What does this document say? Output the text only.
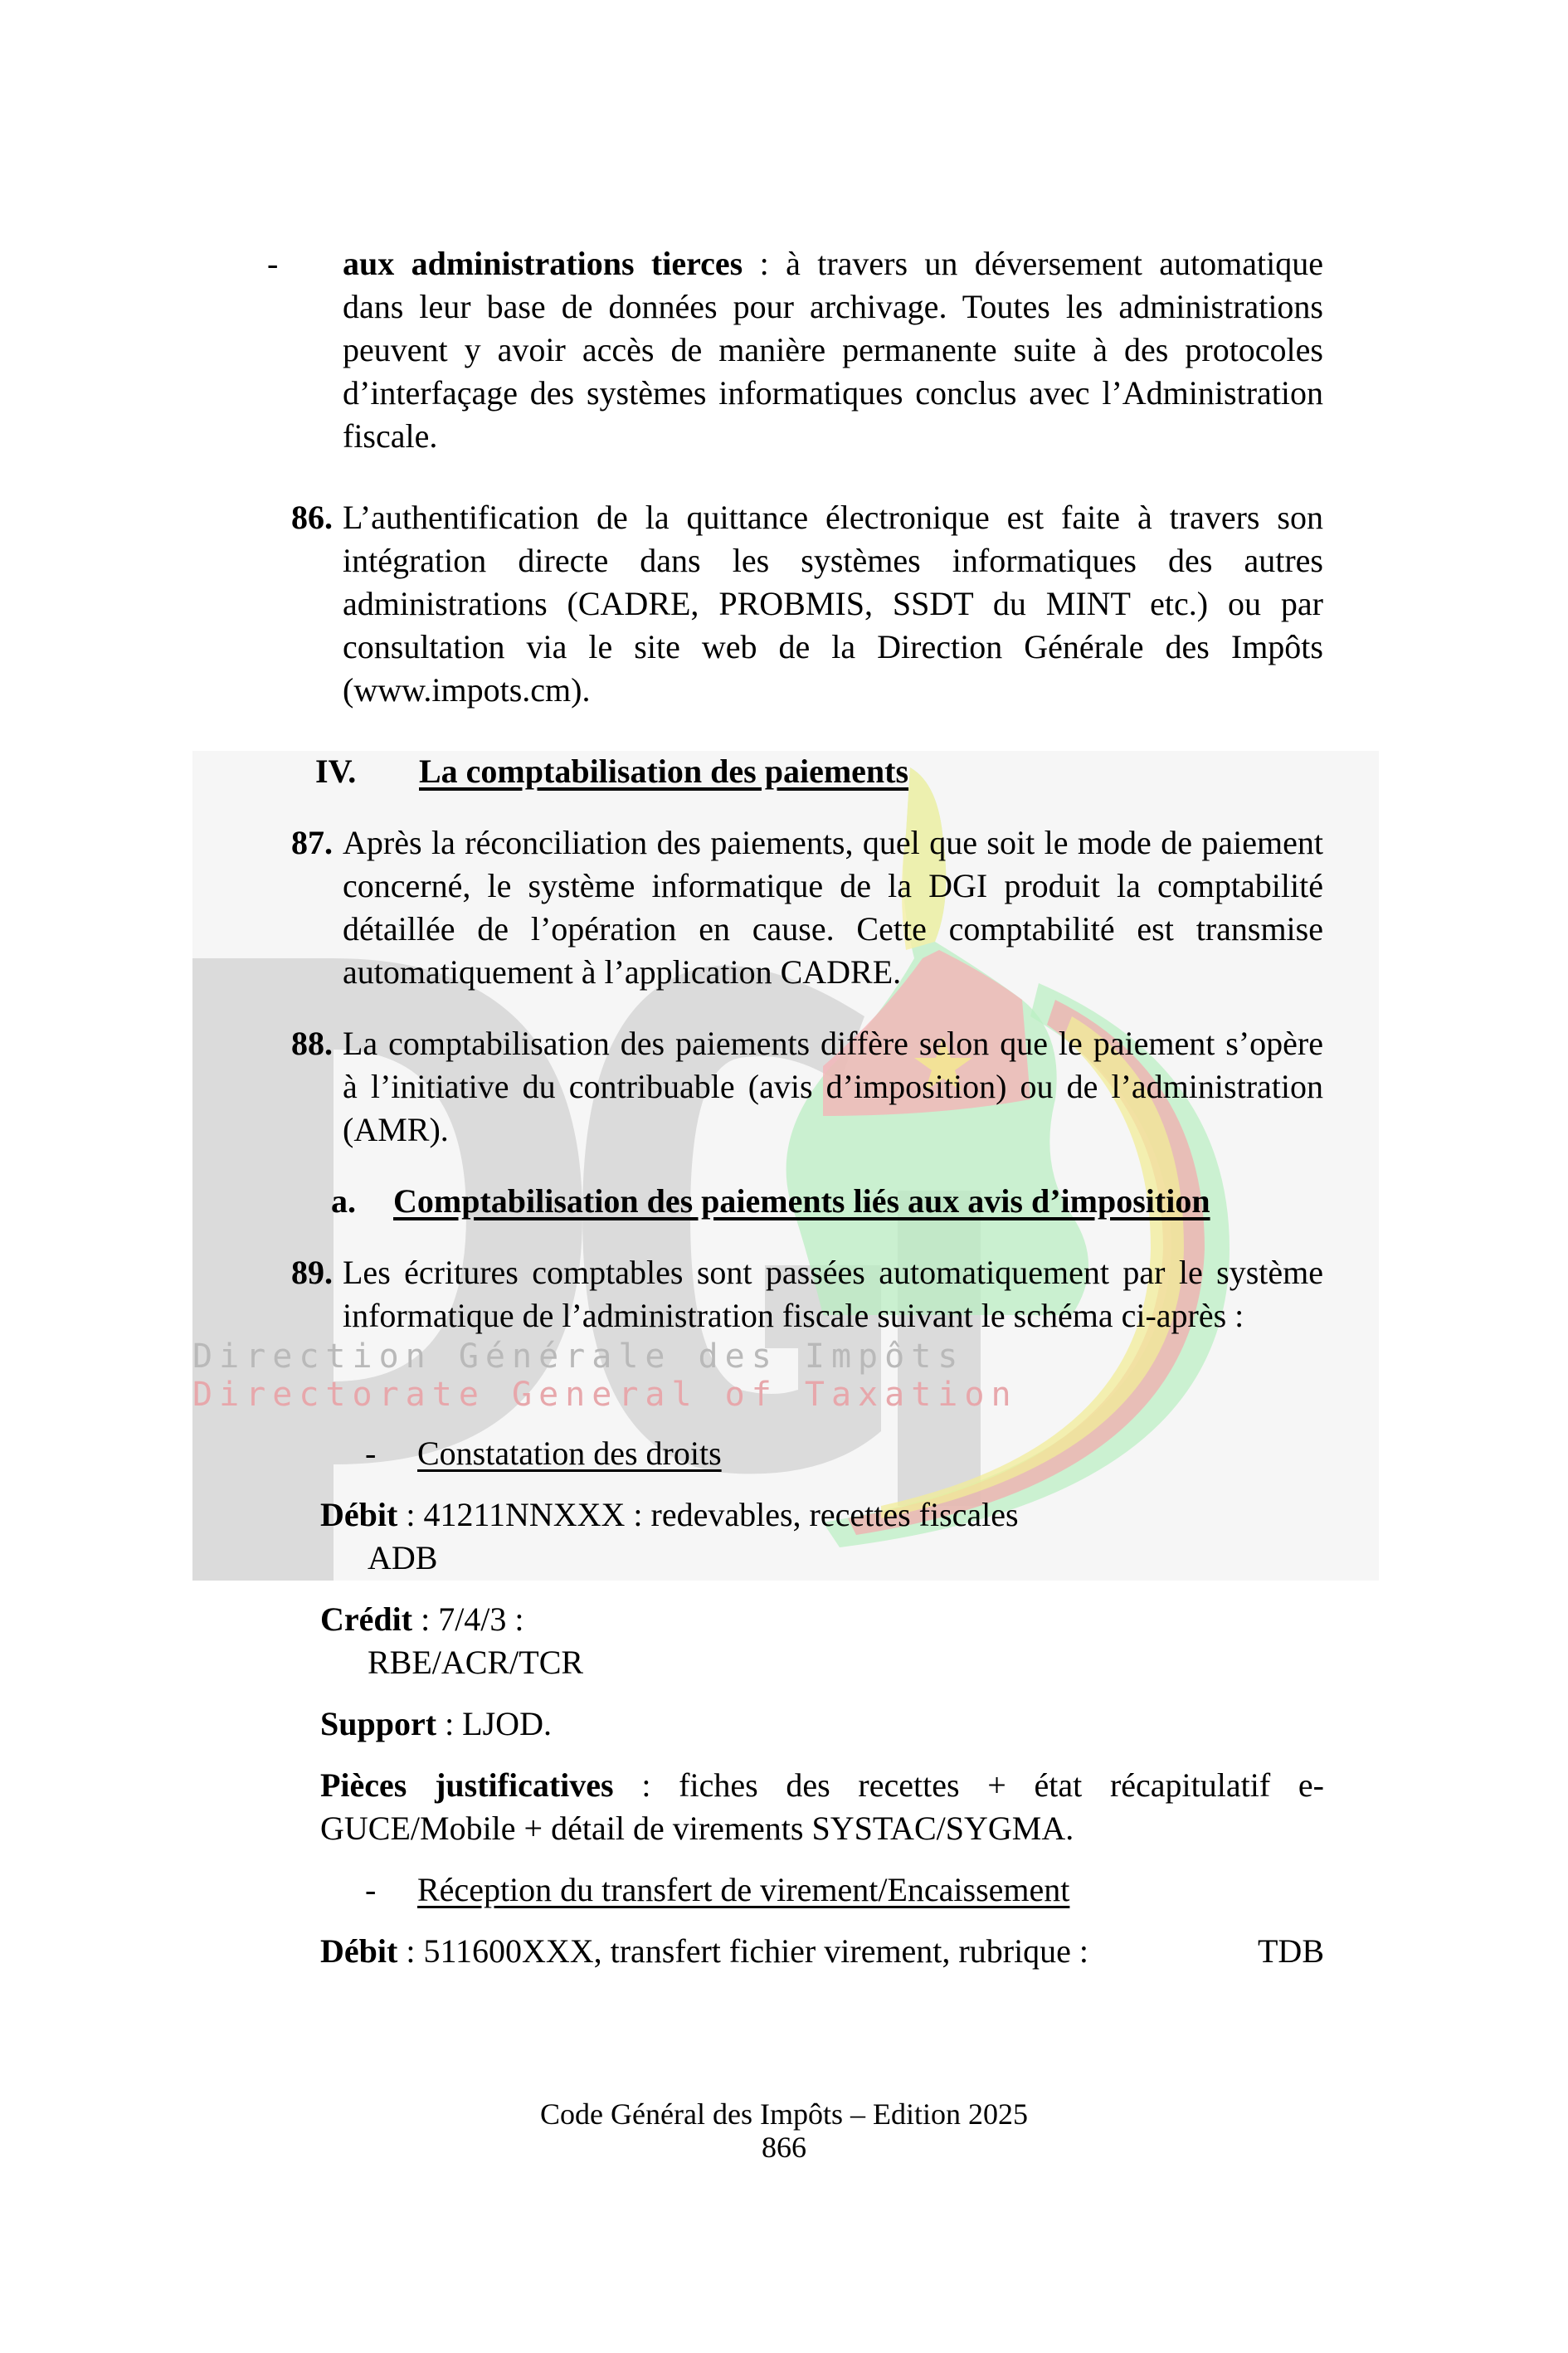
- aux administrations tierces : à travers un déversement automatique dans leur base de données pour archivage. Toutes les administrations peuvent y avoir accès de manière permanente suite à des protocoles d’interfaçage des systèmes informatiques conclus avec l’Administration fiscale.
86. L’authentification de la quittance électronique est faite à travers son intégration directe dans les systèmes informatiques des autres administrations (CADRE, PROBMIS, SSDT du MINT etc.) ou par consultation via le site web de la Direction Générale des Impôts (www.impots.cm).
IV. La comptabilisation des paiements
87. Après la réconciliation des paiements, quel que soit le mode de paiement concerné, le système informatique de la DGI produit la comptabilité détaillée de l’opération en cause. Cette comptabilité est transmise automatiquement à l’application CADRE.
88. La comptabilisation des paiements diffère selon que le paiement s’opère à l’initiative du contribuable (avis d’imposition) ou de l’administration (AMR).
a. Comptabilisation des paiements liés aux avis d’imposition
89. Les écritures comptables sont passées automatiquement par le système informatique de l’administration fiscale suivant le schéma ci-après :
Direction Générale des Impôts
Directorate General of Taxation
- Constatation des droits
Débit : 41211NNXXX : redevables, recettes fiscales
ADB
Crédit : 7/4/3 :
RBE/ACR/TCR
Support : LJOD.
Pièces justificatives : fiches des recettes + état récapitulatif e-GUCE/Mobile + détail de virements SYSTAC/SYGMA.
- Réception du transfert de virement/Encaissement
Débit : 511600XXX, transfert fichier virement, rubrique :	TDB
Code Général des Impôts – Edition 2025
866
